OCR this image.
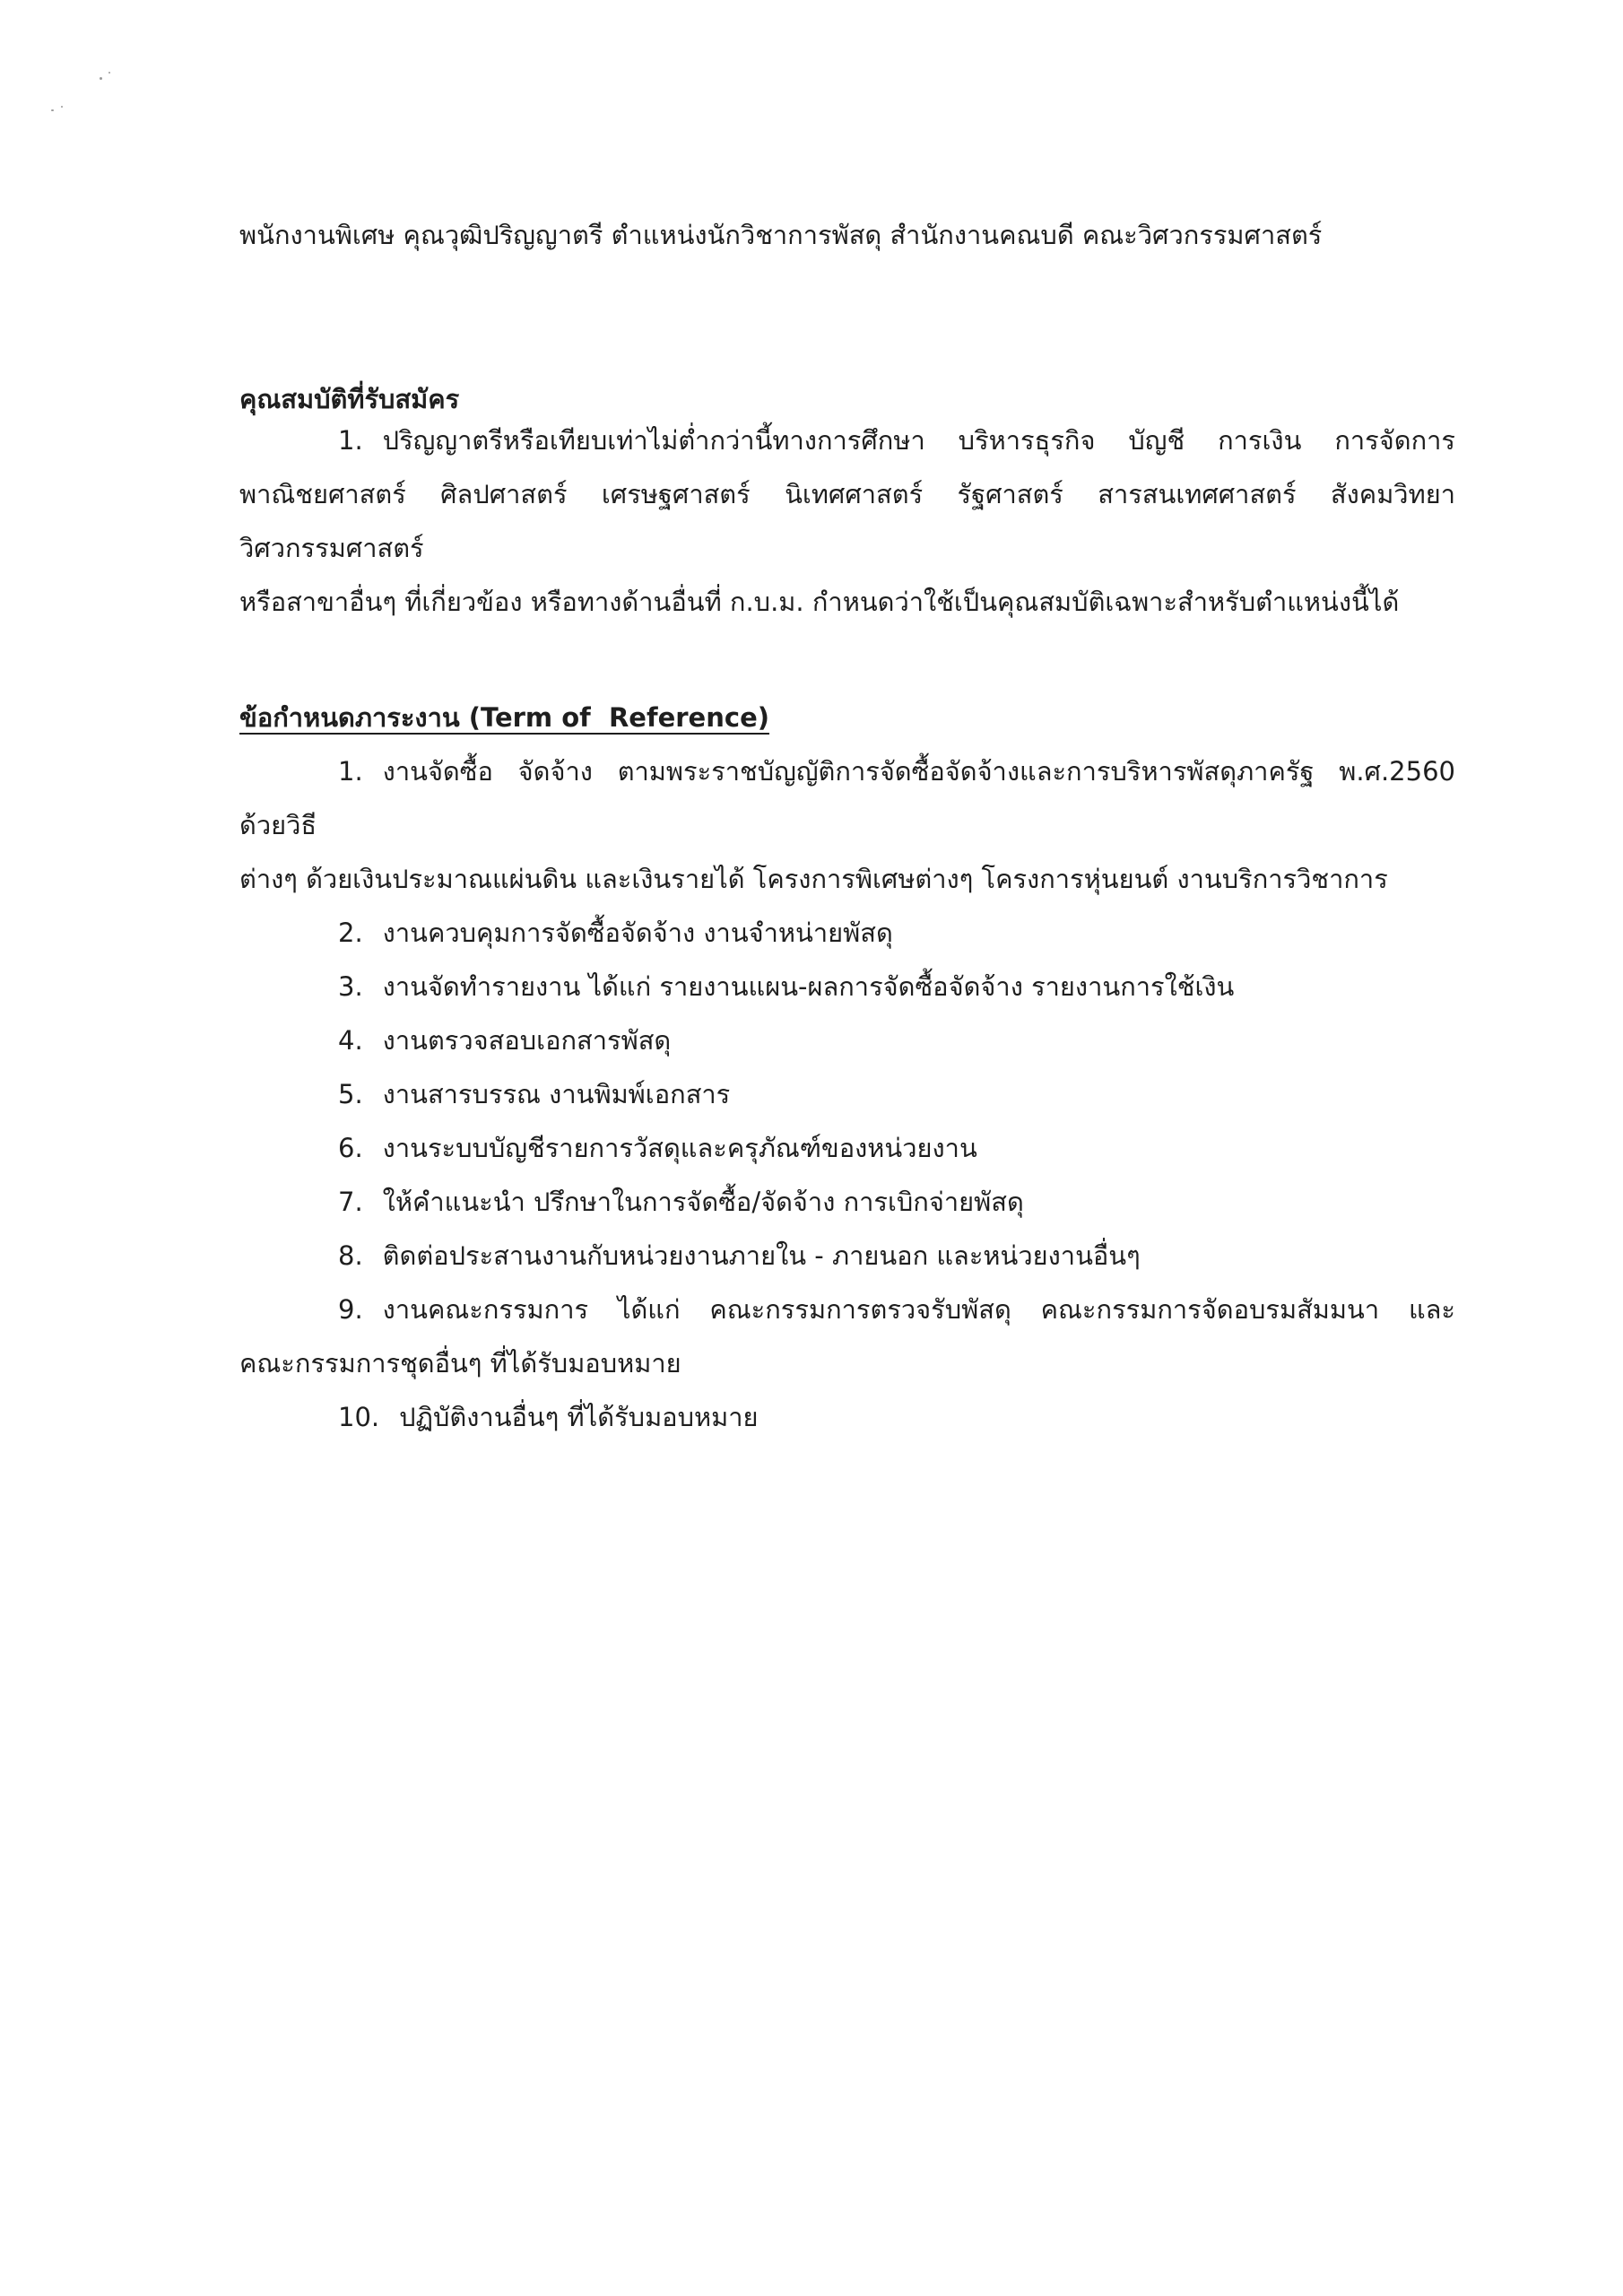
พนักงานพิเศษ คุณวุฒิปริญญาตรี ตำแหน่งนักวิชาการพัสดุ สำนักงานคณบดี คณะวิศวกรรมศาสตร์
คุณสมบัติที่รับสมัคร
1. ปริญญาตรีหรือเทียบเท่าไม่ต่ำกว่านี้ทางการศึกษา บริหารธุรกิจ บัญชี การเงิน การจัดการ
พาณิชยศาสตร์ ศิลปศาสตร์ เศรษฐศาสตร์ นิเทศศาสตร์ รัฐศาสตร์ สารสนเทศศาสตร์ สังคมวิทยา วิศวกรรมศาสตร์
หรือสาขาอื่นๆ ที่เกี่ยวข้อง หรือทางด้านอื่นที่ ก.บ.ม. กำหนดว่าใช้เป็นคุณสมบัติเฉพาะสำหรับตำแหน่งนี้ได้
ข้อกำหนดภาระงาน (Term of  Reference)
1. งานจัดซื้อ จัดจ้าง ตามพระราชบัญญัติการจัดซื้อจัดจ้างและการบริหารพัสดุภาครัฐ พ.ศ.2560 ด้วยวิธี
ต่างๆ ด้วยเงินประมาณแผ่นดิน และเงินรายได้ โครงการพิเศษต่างๆ โครงการหุ่นยนต์ งานบริการวิชาการ
2. งานควบคุมการจัดซื้อจัดจ้าง งานจำหน่ายพัสดุ
3. งานจัดทำรายงาน ได้แก่ รายงานแผน-ผลการจัดซื้อจัดจ้าง รายงานการใช้เงิน
4. งานตรวจสอบเอกสารพัสดุ
5. งานสารบรรณ งานพิมพ์เอกสาร
6. งานระบบบัญชีรายการวัสดุและครุภัณฑ์ของหน่วยงาน
7. ให้คำแนะนำ ปรึกษาในการจัดซื้อ/จัดจ้าง การเบิกจ่ายพัสดุ
8. ติดต่อประสานงานกับหน่วยงานภายใน - ภายนอก และหน่วยงานอื่นๆ
9. งานคณะกรรมการ ได้แก่ คณะกรรมการตรวจรับพัสดุ คณะกรรมการจัดอบรมสัมมนา และ
คณะกรรมการชุดอื่นๆ ที่ได้รับมอบหมาย
10. ปฏิบัติงานอื่นๆ ที่ได้รับมอบหมาย
